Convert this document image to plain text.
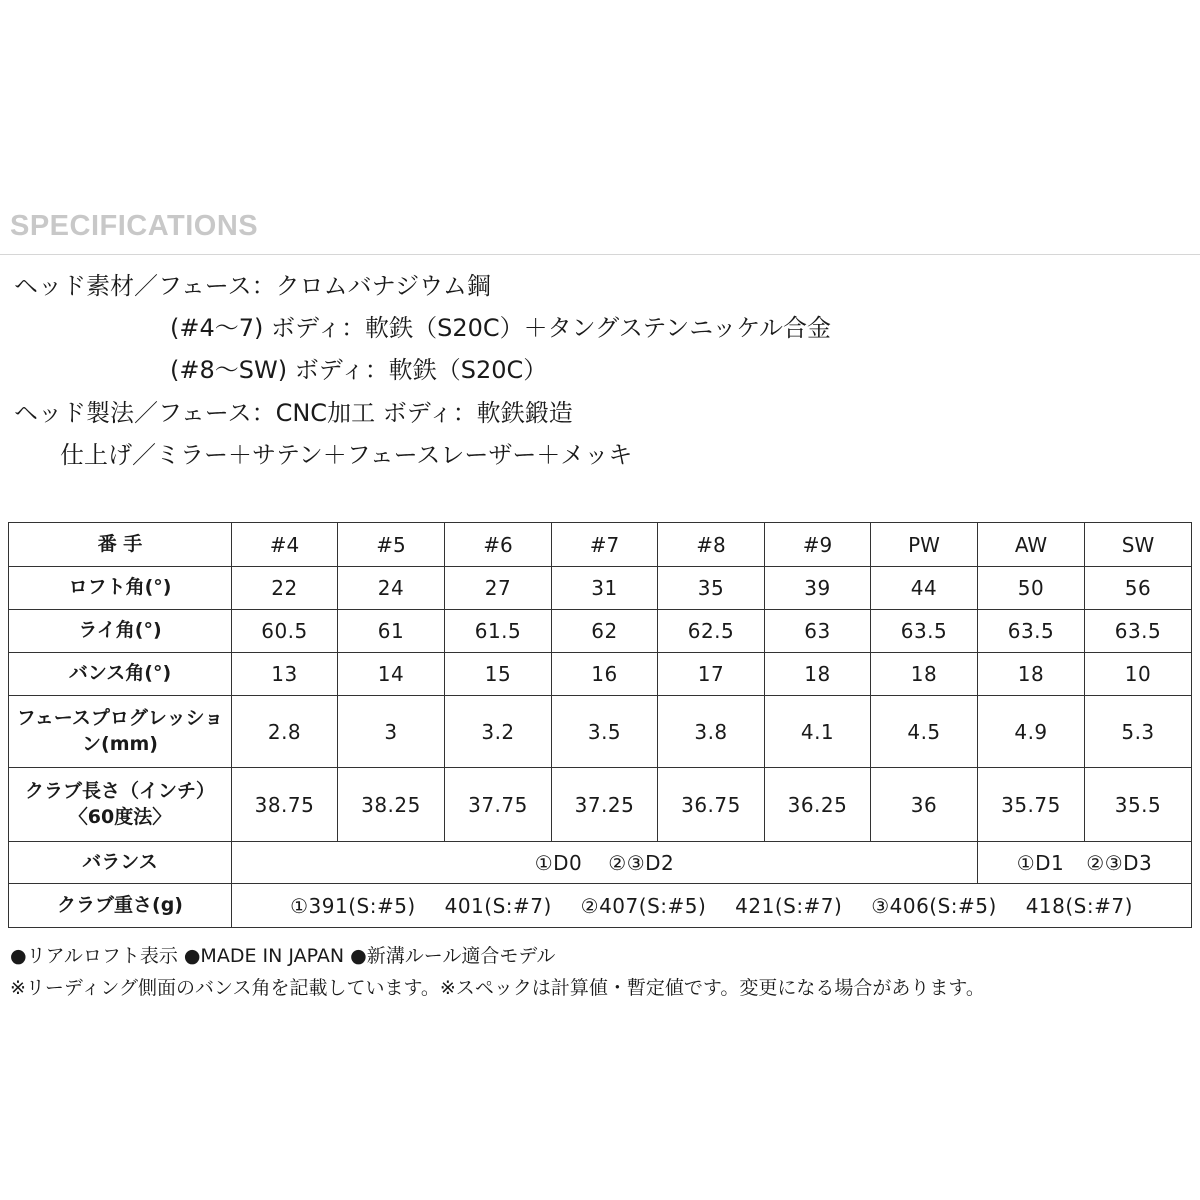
SPECIFICATIONS
ヘッド素材／フェース：クロムバナジウム鋼
(#4〜7) ボディ：軟鉄（S20C）＋タングステンニッケル合金
(#8〜SW) ボディ：軟鉄（S20C）
ヘッド製法／フェース：CNC加工 ボディ：軟鉄鍛造
仕上げ／ミラー＋サテン＋フェースレーザー＋メッキ
番 手	#4	#5	#6	#7	#8	#9	PW	AW	SW
ロフト角(°)	22	24	27	31	35	39	44	50	56
ライ角(°)	60.5	61	61.5	62	62.5	63	63.5	63.5	63.5
バンス角(°)	13	14	15	16	17	18	18	18	10
フェースプログレッション(mm)	2.8	3	3.2	3.5	3.8	4.1	4.5	4.9	5.3
クラブ長さ（インチ）〈60度法〉	38.75	38.25	37.75	37.25	36.75	36.25	36	35.75	35.5
バランス	①D0 ②③D2							①D1 ②③D3	
クラブ重さ(g)	①391(S:#5) 401(S:#7) ②407(S:#5) 421(S:#7) ③406(S:#5) 418(S:#7)								
●リアルロフト表示 ●MADE IN JAPAN ●新溝ルール適合モデル
※リーディング側面のバンス角を記載しています。※スペックは計算値・暫定値です。変更になる場合があります。
